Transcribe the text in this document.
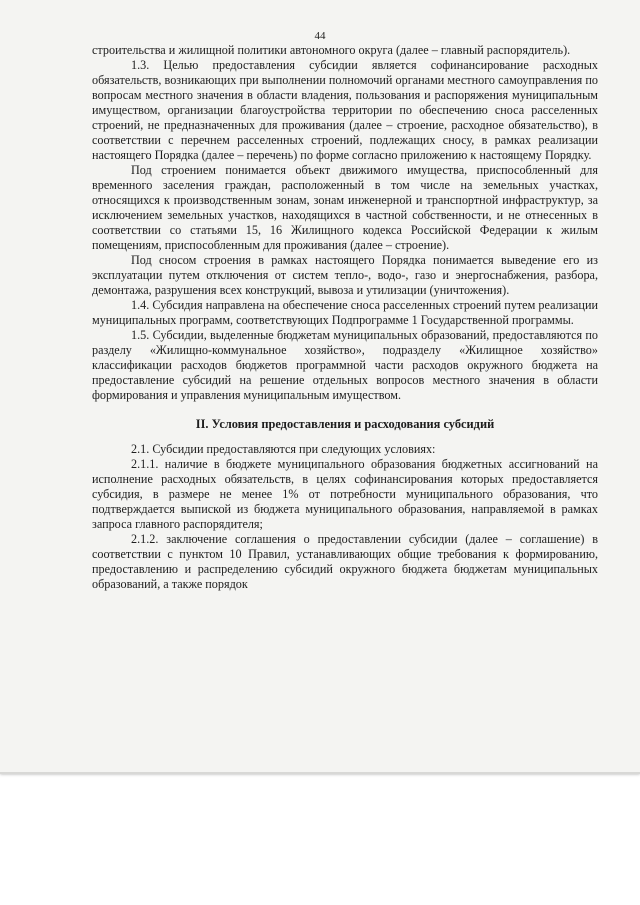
44

строительства и жилищной политики автономного округа (далее – главный распорядитель).

1.3. Целью предоставления субсидии является софинансирование расходных обязательств, возникающих при выполнении полномочий органами местного самоуправления по вопросам местного значения в области владения, пользования и распоряжения муниципальным имуществом, организации благоустройства территории по обеспечению сноса расселенных строений, не предназначенных для проживания (далее – строение, расходное обязательство), в соответствии с перечнем расселенных строений, подлежащих сносу, в рамках реализации настоящего Порядка (далее – перечень) по форме согласно приложению к настоящему Порядку.

Под строением понимается объект движимого имущества, приспособленный для временного заселения граждан, расположенный в том числе на земельных участках, относящихся к производственным зонам, зонам инженерной и транспортной инфраструктур, за исключением земельных участков, находящихся в частной собственности, и не отнесенных в соответствии со статьями 15, 16 Жилищного кодекса Российской Федерации к жилым помещениям, приспособленным для проживания (далее – строение).

Под сносом строения в рамках настоящего Порядка понимается выведение его из эксплуатации путем отключения от систем тепло-, водо-, газо и энергоснабжения, разбора, демонтажа, разрушения всех конструкций, вывоза и утилизации (уничтожения).

1.4. Субсидия направлена на обеспечение сноса расселенных строений путем реализации муниципальных программ, соответствующих Подпрограмме 1 Государственной программы.

1.5. Субсидии, выделенные бюджетам муниципальных образований, предоставляются по разделу «Жилищно-коммунальное хозяйство», подразделу «Жилищное хозяйство» классификации расходов бюджетов программной части расходов окружного бюджета на предоставление субсидий на решение отдельных вопросов местного значения в области формирования и управления муниципальным имуществом.

II. Условия предоставления и расходования субсидий

2.1. Субсидии предоставляются при следующих условиях:

2.1.1. наличие в бюджете муниципального образования бюджетных ассигнований на исполнение расходных обязательств, в целях софинансирования которых предоставляется субсидия, в размере не менее 1% от потребности муниципального образования, что подтверждается выпиской из бюджета муниципального образования, направляемой в рамках запроса главного распорядителя;

2.1.2. заключение соглашения о предоставлении субсидии (далее – соглашение) в соответствии с пунктом 10 Правил, устанавливающих общие требования к формированию, предоставлению и распределению субсидий окружного бюджета бюджетам муниципальных образований, а также порядок
